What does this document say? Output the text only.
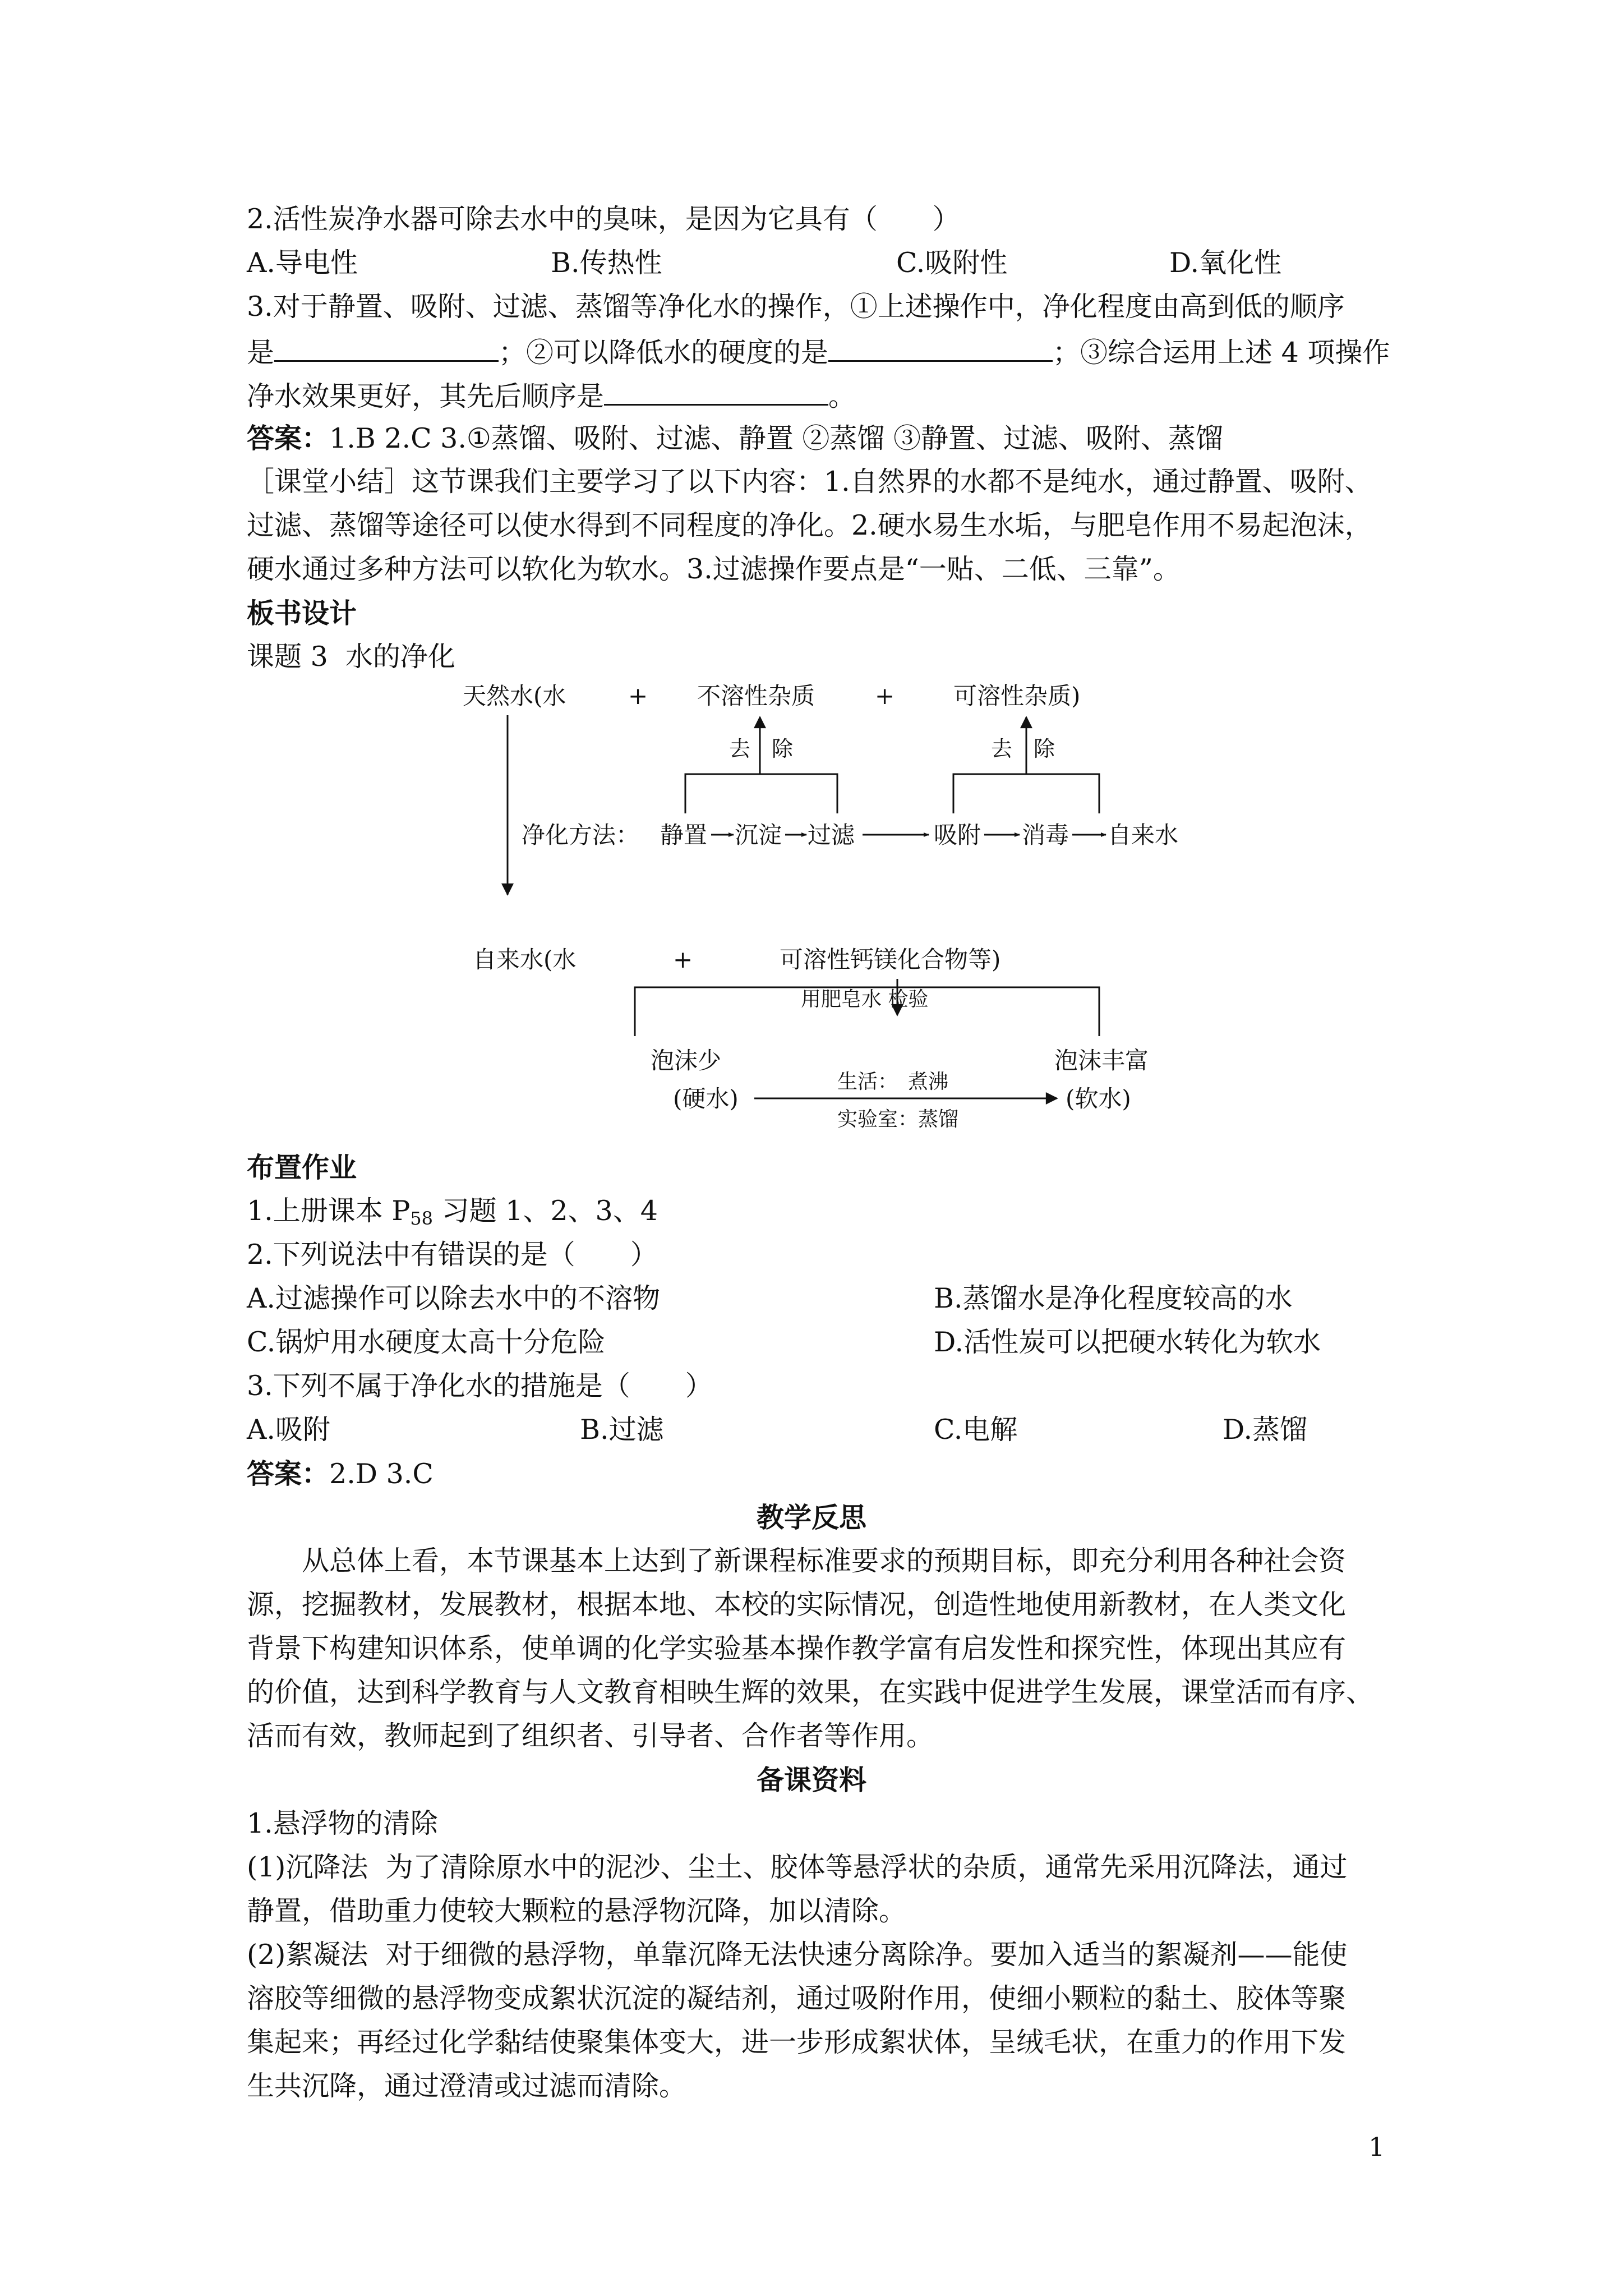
2.活性炭净水器可除去水中的臭味，是因为它具有（　　）
A.导电性	B.传热性	C.吸附性	D.氧化性
3.对于静置、吸附、过滤、蒸馏等净化水的操作，①上述操作中，净化程度由高到低的顺序
是	；②可以降低水的硬度的是	；③综合运用上述 4 项操作
净水效果更好，其先后顺序是	。
答案：1.B 2.C 3.①蒸馏、吸附、过滤、静置 ②蒸馏 ③静置、过滤、吸附、蒸馏
［课堂小结］这节课我们主要学习了以下内容：1.自然界的水都不是纯水，通过静置、吸附、
过滤、蒸馏等途径可以使水得到不同程度的净化。2.硬水易生水垢，与肥皂作用不易起泡沫，
硬水通过多种方法可以软化为软水。3.过滤操作要点是“一贴、二低、三靠”。
板书设计
课题 3  水的净化
天然水(水	+ 不溶性杂质	+ 可溶性杂质)
去　除	去　除
净化方法： 静置 沉淀 过滤	吸附 消毒 自来水
自来水(水	+	可溶性钙镁化合物等)
用肥皂水 检验
泡沫少
(硬水)
泡沫丰富
(软水)
生活：　煮沸
实验室：蒸馏
布置作业
1.上册课本 $P_{58}$ 习题 1、2、3、4
2.下列说法中有错误的是（　　）
A.过滤操作可以除去水中的不溶物	B.蒸馏水是净化程度较高的水
C.锅炉用水硬度太高十分危险	D.活性炭可以把硬水转化为软水
3.下列不属于净化水的措施是（　　）
A.吸附	B.过滤	C.电解	D.蒸馏
答案：2.D 3.C
教学反思
从总体上看，本节课基本上达到了新课程标准要求的预期目标，即充分利用各种社会资
源，挖掘教材，发展教材，根据本地、本校的实际情况，创造性地使用新教材，在人类文化
背景下构建知识体系，使单调的化学实验基本操作教学富有启发性和探究性，体现出其应有
的价值，达到科学教育与人文教育相映生辉的效果，在实践中促进学生发展，课堂活而有序、
活而有效，教师起到了组织者、引导者、合作者等作用。
备课资料
1.悬浮物的清除
(1)沉降法  为了清除原水中的泥沙、尘土、胶体等悬浮状的杂质，通常先采用沉降法，通过
静置，借助重力使较大颗粒的悬浮物沉降，加以清除。
(2)絮凝法  对于细微的悬浮物，单靠沉降无法快速分离除净。要加入适当的絮凝剂——能使
溶胶等细微的悬浮物变成絮状沉淀的凝结剂，通过吸附作用，使细小颗粒的黏土、胶体等聚
集起来；再经过化学黏结使聚集体变大，进一步形成絮状体，呈绒毛状，在重力的作用下发
生共沉降，通过澄清或过滤而清除。
1
